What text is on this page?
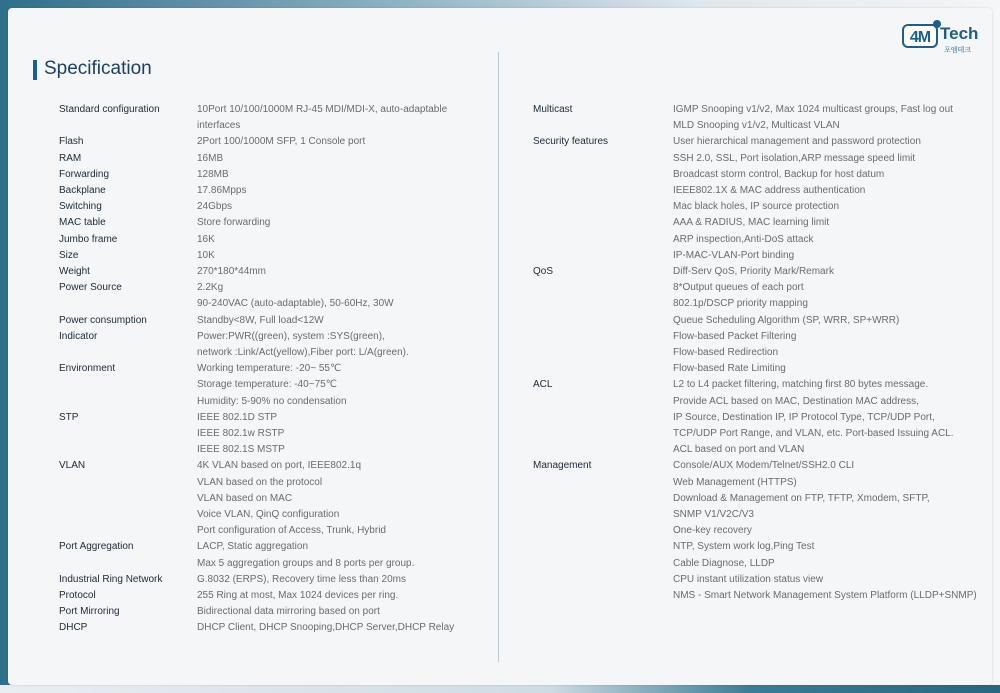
4M Tech
포엠테크
Specification
Standard configuration	10Port 10/100/1000M RJ-45 MDI/MDI-X, auto-adaptable
interfaces
Flash	2Port 100/1000M SFP, 1 Console port
RAM	16MB
Forwarding	128MB
Backplane	17.86Mpps
Switching	24Gbps
MAC table	Store forwarding
Jumbo frame	16K
Size	10K
Weight	270*180*44mm
Power Source	2.2Kg
90-240VAC (auto-adaptable), 50-60Hz, 30W
Power consumption	Standby<8W, Full load<12W
Indicator	Power:PWR((green), system :SYS(green),
network :Link/Act(yellow),Fiber port: L/A(green).
Environment	Working temperature: -20~ 55℃
Storage temperature: -40~75℃
Humidity: 5-90% no condensation
STP	IEEE 802.1D STP
IEEE 802.1w RSTP
IEEE 802.1S MSTP
VLAN	4K VLAN based on port, IEEE802.1q
VLAN based on the protocol
VLAN based on MAC
Voice VLAN, QinQ configuration
Port configuration of Access, Trunk, Hybrid
Port Aggregation	LACP, Static aggregation
Max 5 aggregation groups and 8 ports per group.
Industrial Ring Network	G.8032 (ERPS), Recovery time less than 20ms
Protocol	255 Ring at most, Max 1024 devices per ring.
Port Mirroring	Bidirectional data mirroring based on port
DHCP	DHCP Client, DHCP Snooping,DHCP Server,DHCP Relay
Multicast	IGMP Snooping v1/v2, Max 1024 multicast groups, Fast log out
MLD Snooping v1/v2, Multicast VLAN
Security features	User hierarchical management and password protection
SSH 2.0, SSL, Port isolation,ARP message speed limit
Broadcast storm control, Backup for host datum
IEEE802.1X & MAC address authentication
Mac black holes, IP source protection
AAA & RADIUS, MAC learning limit
ARP inspection,Anti-DoS attack
IP-MAC-VLAN-Port binding
QoS	Diff-Serv QoS, Priority Mark/Remark
8*Output queues of each port
802.1p/DSCP priority mapping
Queue Scheduling Algorithm (SP, WRR, SP+WRR)
Flow-based Packet Filtering
Flow-based Redirection
Flow-based Rate Limiting
ACL	L2 to L4 packet filtering, matching first 80 bytes message.
Provide ACL based on MAC, Destination MAC address,
IP Source, Destination IP, IP Protocol Type, TCP/UDP Port,
TCP/UDP Port Range, and VLAN, etc. Port-based Issuing ACL.
ACL based on port and VLAN
Management	Console/AUX Modem/Telnet/SSH2.0 CLI
Web Management (HTTPS)
Download & Management on FTP, TFTP, Xmodem, SFTP,
SNMP V1/V2C/V3
One-key recovery
NTP, System work log,Ping Test
Cable Diagnose, LLDP
CPU instant utilization status view
NMS - Smart Network Management System Platform (LLDP+SNMP)
